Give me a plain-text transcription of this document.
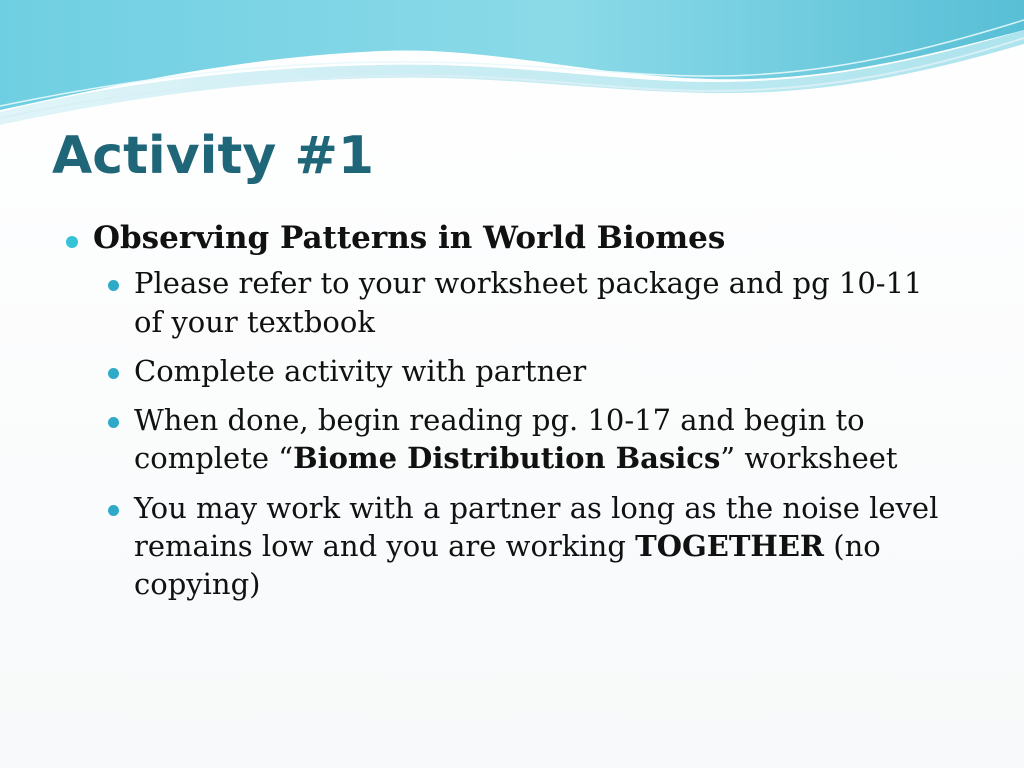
Activity #1
Observing Patterns in World Biomes
Please refer to your worksheet package and pg 10-11 of your textbook
Complete activity with partner
When done, begin reading pg. 10-17 and begin to complete “Biome Distribution Basics” worksheet
You may work with a partner as long as the noise level remains low and you are working TOGETHER (no copying)
